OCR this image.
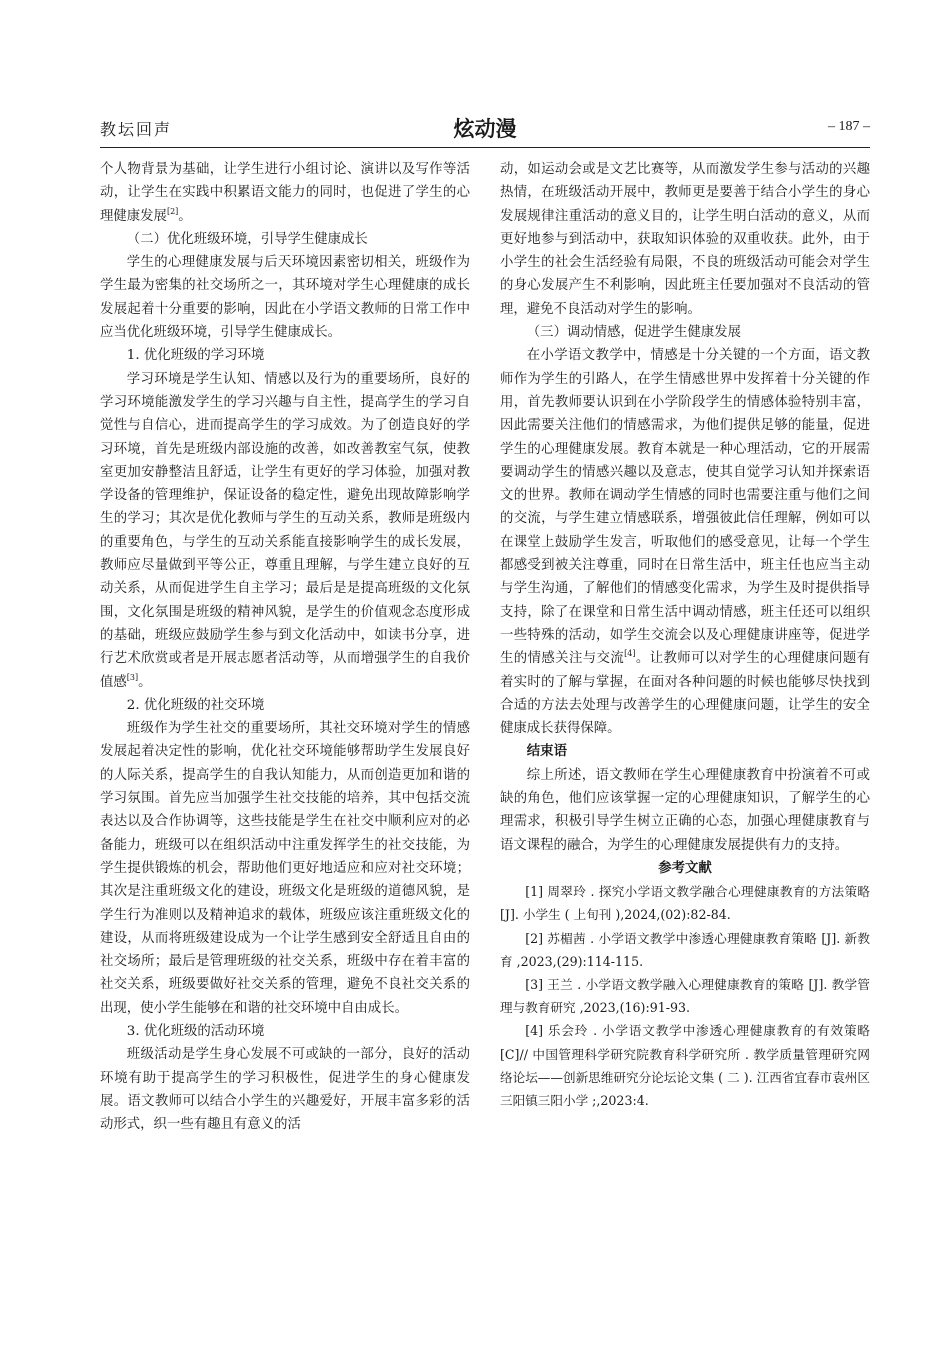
教坛回声	炫动漫	– 187 –

个人物背景为基础，让学生进行小组讨论、演讲以及写作等活动，让学生在实践中积累语文能力的同时，也促进了学生的心理健康发展[2]。

（二）优化班级环境，引导学生健康成长

学生的心理健康发展与后天环境因素密切相关，班级作为学生最为密集的社交场所之一，其环境对学生心理健康的成长发展起着十分重要的影响，因此在小学语文教师的日常工作中应当优化班级环境，引导学生健康成长。

1. 优化班级的学习环境

学习环境是学生认知、情感以及行为的重要场所，良好的学习环境能激发学生的学习兴趣与自主性，提高学生的学习自觉性与自信心，进而提高学生的学习成效。为了创造良好的学习环境，首先是班级内部设施的改善，如改善教室气氛，使教室更加安静整洁且舒适，让学生有更好的学习体验，加强对教学设备的管理维护，保证设备的稳定性，避免出现故障影响学生的学习；其次是优化教师与学生的互动关系，教师是班级内的重要角色，与学生的互动关系能直接影响学生的成长发展，教师应尽量做到平等公正，尊重且理解，与学生建立良好的互动关系，从而促进学生自主学习；最后是是提高班级的文化氛围，文化氛围是班级的精神风貌，是学生的价值观念态度形成的基础，班级应鼓励学生参与到文化活动中，如读书分享，进行艺术欣赏或者是开展志愿者活动等，从而增强学生的自我价值感[3]。

2. 优化班级的社交环境

班级作为学生社交的重要场所，其社交环境对学生的情感发展起着决定性的影响，优化社交环境能够帮助学生发展良好的人际关系，提高学生的自我认知能力，从而创造更加和谐的学习氛围。首先应当加强学生社交技能的培养，其中包括交流表达以及合作协调等，这些技能是学生在社交中顺利应对的必备能力，班级可以在组织活动中注重发挥学生的社交技能，为学生提供锻炼的机会，帮助他们更好地适应和应对社交环境；其次是注重班级文化的建设，班级文化是班级的道德风貌，是学生行为准则以及精神追求的载体，班级应该注重班级文化的建设，从而将班级建设成为一个让学生感到安全舒适且自由的社交场所；最后是管理班级的社交关系，班级中存在着丰富的社交关系，班级要做好社交关系的管理，避免不良社交关系的出现，使小学生能够在和谐的社交环境中自由成长。

3. 优化班级的活动环境

班级活动是学生身心发展不可或缺的一部分，良好的活动环境有助于提高学生的学习积极性，促进学生的身心健康发展。语文教师可以结合小学生的兴趣爱好，开展丰富多彩的活动形式，织一些有趣且有意义的活

动，如运动会或是文艺比赛等，从而激发学生参与活动的兴趣热情，在班级活动开展中，教师更是要善于结合小学生的身心发展规律注重活动的意义目的，让学生明白活动的意义，从而更好地参与到活动中，获取知识体验的双重收获。此外，由于小学生的社会生活经验有局限，不良的班级活动可能会对学生的身心发展产生不利影响，因此班主任要加强对不良活动的管理，避免不良活动对学生的影响。

（三）调动情感，促进学生健康发展

在小学语文教学中，情感是十分关键的一个方面，语文教师作为学生的引路人，在学生情感世界中发挥着十分关键的作用，首先教师要认识到在小学阶段学生的情感体验特别丰富，因此需要关注他们的情感需求，为他们提供足够的能量，促进学生的心理健康发展。教育本就是一种心理活动，它的开展需要调动学生的情感兴趣以及意志，使其自觉学习认知并探索语文的世界。教师在调动学生情感的同时也需要注重与他们之间的交流，与学生建立情感联系，增强彼此信任理解，例如可以在课堂上鼓励学生发言，听取他们的感受意见，让每一个学生都感受到被关注尊重，同时在日常生活中，班主任也应当主动与学生沟通，了解他们的情感变化需求，为学生及时提供指导支持，除了在课堂和日常生活中调动情感，班主任还可以组织一些特殊的活动，如学生交流会以及心理健康讲座等，促进学生的情感关注与交流[4]。让教师可以对学生的心理健康问题有着实时的了解与掌握，在面对各种问题的时候也能够尽快找到合适的方法去处理与改善学生的心理健康问题，让学生的安全健康成长获得保障。

结束语

综上所述，语文教师在学生心理健康教育中扮演着不可或缺的角色，他们应该掌握一定的心理健康知识，了解学生的心理需求，积极引导学生树立正确的心态，加强心理健康教育与语文课程的融合，为学生的心理健康发展提供有力的支持。

参考文献

[1] 周翠玲 . 探究小学语文教学融合心理健康教育的方法策略 [J]. 小学生 ( 上旬刊 ),2024,(02):82-84.

[2] 苏楣茜 . 小学语文教学中渗透心理健康教育策略 [J]. 新教育 ,2023,(29):114-115.

[3] 王兰 . 小学语文教学融入心理健康教育的策略 [J]. 教学管理与教育研究 ,2023,(16):91-93.

[4] 乐会玲 . 小学语文教学中渗透心理健康教育的有效策略 [C]// 中国管理科学研究院教育科学研究所 . 教学质量管理研究网络论坛——创新思维研究分论坛论文集 ( 二 ). 江西省宜春市袁州区三阳镇三阳小学 ;,2023:4.
